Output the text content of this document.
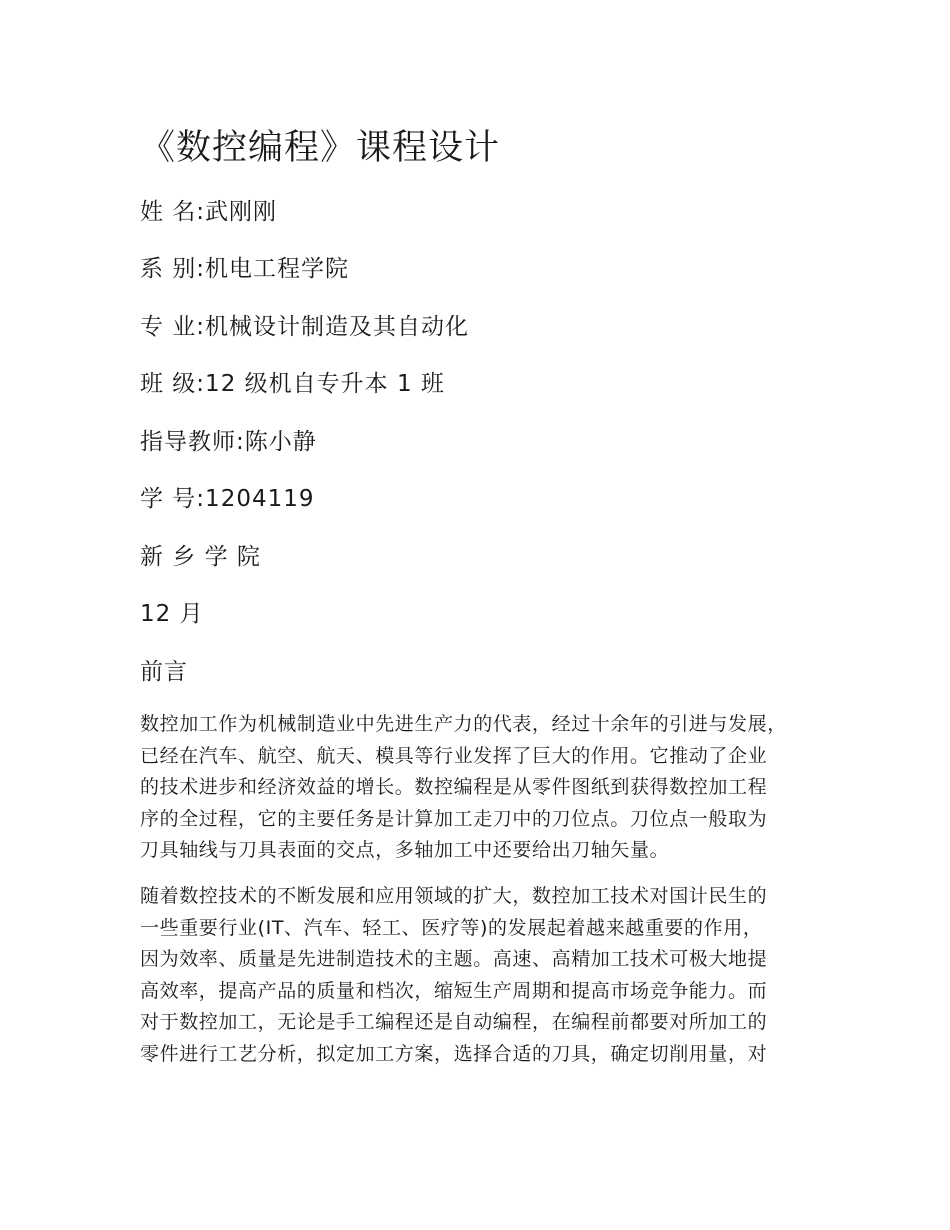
《数控编程》课程设计
姓 名:武刚刚
系 别:机电工程学院
专 业:机械设计制造及其自动化
班 级:12 级机自专升本 1 班
指导教师:陈小静
学 号:1204119
新 乡 学 院
12 月
前言
数控加工作为机械制造业中先进生产力的代表，经过十余年的引进与发展，
已经在汽车、航空、航天、模具等行业发挥了巨大的作用。它推动了企业
的技术进步和经济效益的增长。数控编程是从零件图纸到获得数控加工程
序的全过程，它的主要任务是计算加工走刀中的刀位点。刀位点一般取为
刀具轴线与刀具表面的交点，多轴加工中还要给出刀轴矢量。
随着数控技术的不断发展和应用领域的扩大，数控加工技术对国计民生的
一些重要行业(IT、汽车、轻工、医疗等)的发展起着越来越重要的作用，
因为效率、质量是先进制造技术的主题。高速、高精加工技术可极大地提
高效率，提高产品的质量和档次，缩短生产周期和提高市场竞争能力。而
对于数控加工，无论是手工编程还是自动编程，在编程前都要对所加工的
零件进行工艺分析，拟定加工方案，选择合适的刀具，确定切削用量，对
